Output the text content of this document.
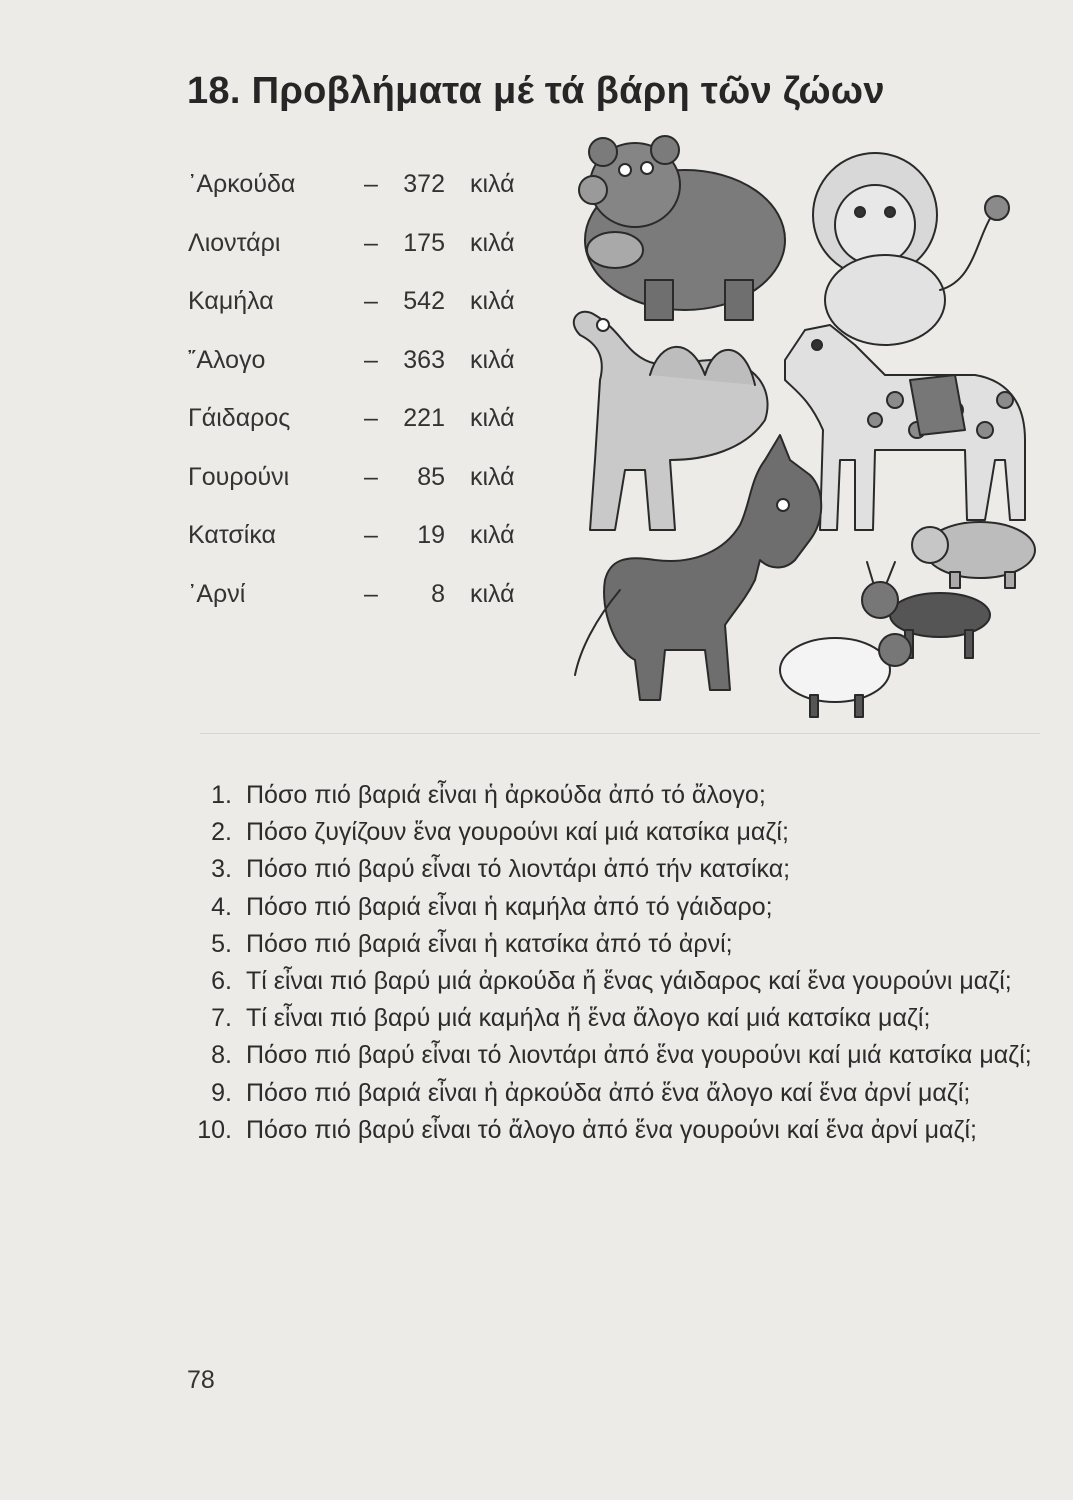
18. Προβλήματα μέ τά βάρη τῶν ζώων
᾽Αρκούδα	– 372 κιλά
Λιοντάρι	– 175 κιλά
Καμήλα	– 542 κιλά
῎Αλογο	– 363 κιλά
Γάιδαρος	– 221 κιλά
Γουρούνι	– 85 κιλά
Κατσίκα	– 19 κιλά
᾽Αρνί	– 8 κιλά
1. Πόσο πιό βαριά εἶναι ἡ ἀρκούδα ἀπό τό ἄλογο;
2. Πόσο ζυγίζουν ἕνα γουρούνι καί μιά κατσίκα μαζί;
3. Πόσο πιό βαρύ εἶναι τό λιοντάρι ἀπό τήν κατσίκα;
4. Πόσο πιό βαριά εἶναι ἡ καμήλα ἀπό τό γάιδαρο;
5. Πόσο πιό βαριά εἶναι ἡ κατσίκα ἀπό τό ἀρνί;
6. Τί εἶναι πιό βαρύ μιά ἀρκούδα ἤ ἕνας γάιδαρος καί ἕνα γουρούνι μαζί;
7. Τί εἶναι πιό βαρύ μιά καμήλα ἤ ἕνα ἄλογο καί μιά κατσίκα μαζί;
8. Πόσο πιό βαρύ εἶναι τό λιοντάρι ἀπό ἕνα γουρούνι καί μιά κατσίκα μαζί;
9. Πόσο πιό βαριά εἶναι ἡ ἀρκούδα ἀπό ἕνα ἄλογο καί ἕνα ἀρνί μαζί;
10. Πόσο πιό βαρύ εἶναι τό ἄλογο ἀπό ἕνα γουρούνι καί ἕνα ἀρνί μαζί;
78
